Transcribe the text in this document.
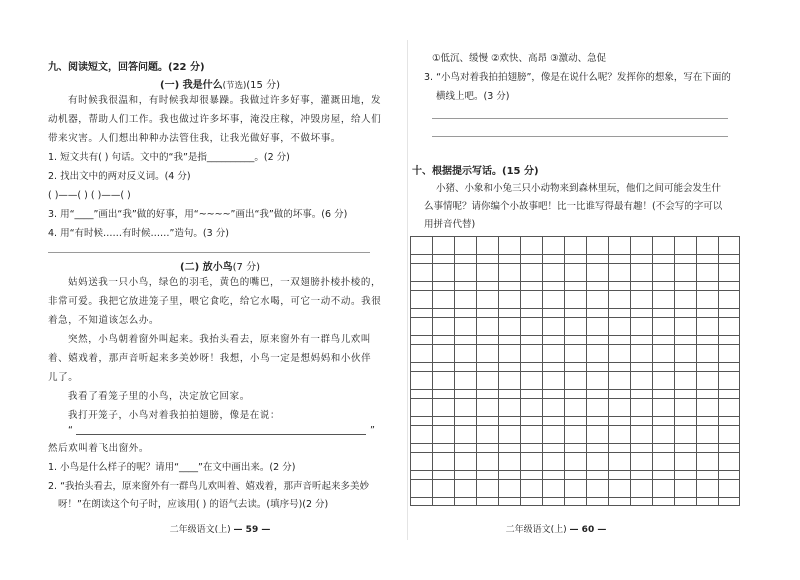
九、阅读短文，回答问题。(22 分)
(一) 我是什么(节选)(15 分)
有时候我很温和，有时候我却很暴躁。我做过许多好事，灌溉田地，发
动机器，帮助人们工作。我也做过许多坏事，淹没庄稼，冲毁房屋，给人们
带来灾害。人们想出种种办法管住我，让我光做好事，不做坏事。
1. 短文共有( ) 句话。文中的“我”是指__________。(2 分)
2. 找出文中的两对反义词。(4 分)
( )——( ) ( )——( )
3. 用“____”画出“我”做的好事，用“~~~~”画出“我”做的坏事。(6 分)
4. 用“有时候……有时候……”造句。(3 分)
(二) 放小鸟(7 分)
姑妈送我一只小鸟，绿色的羽毛，黄色的嘴巴，一双翅膀扑棱扑棱的，
非常可爱。我把它放进笼子里，喂它食吃，给它水喝，可它一动不动。我很
着急，不知道该怎么办。
突然，小鸟朝着窗外叫起来。我抬头看去，原来窗外有一群鸟儿欢叫
着、嬉戏着，那声音听起来多美妙呀！我想，小鸟一定是想妈妈和小伙伴
儿了。
我看了看笼子里的小鸟，决定放它回家。
我打开笼子，小鸟对着我拍拍翅膀，像是在说：
“	”
然后欢叫着飞出窗外。
1. 小鸟是什么样子的呢？请用“____”在文中画出来。(2 分)
2. “我抬头看去，原来窗外有一群鸟儿欢叫着、嬉戏着，那声音听起来多美妙
呀！”在朗读这个句子时，应该用( ) 的语气去读。(填序号)(2 分)
二年级语文(上) — 59 —
①低沉、缓慢 ②欢快、高昂 ③激动、急促
3. “小鸟对着我拍拍翅膀”，像是在说什么呢？发挥你的想象，写在下面的
横线上吧。(3 分)
十、根据提示写话。(15 分)
小猪、小象和小兔三只小动物来到森林里玩，他们之间可能会发生什
么事情呢？请你编个小故事吧！比一比谁写得最有趣！(不会写的字可以
用拼音代替)
二年级语文(上) — 60 —
